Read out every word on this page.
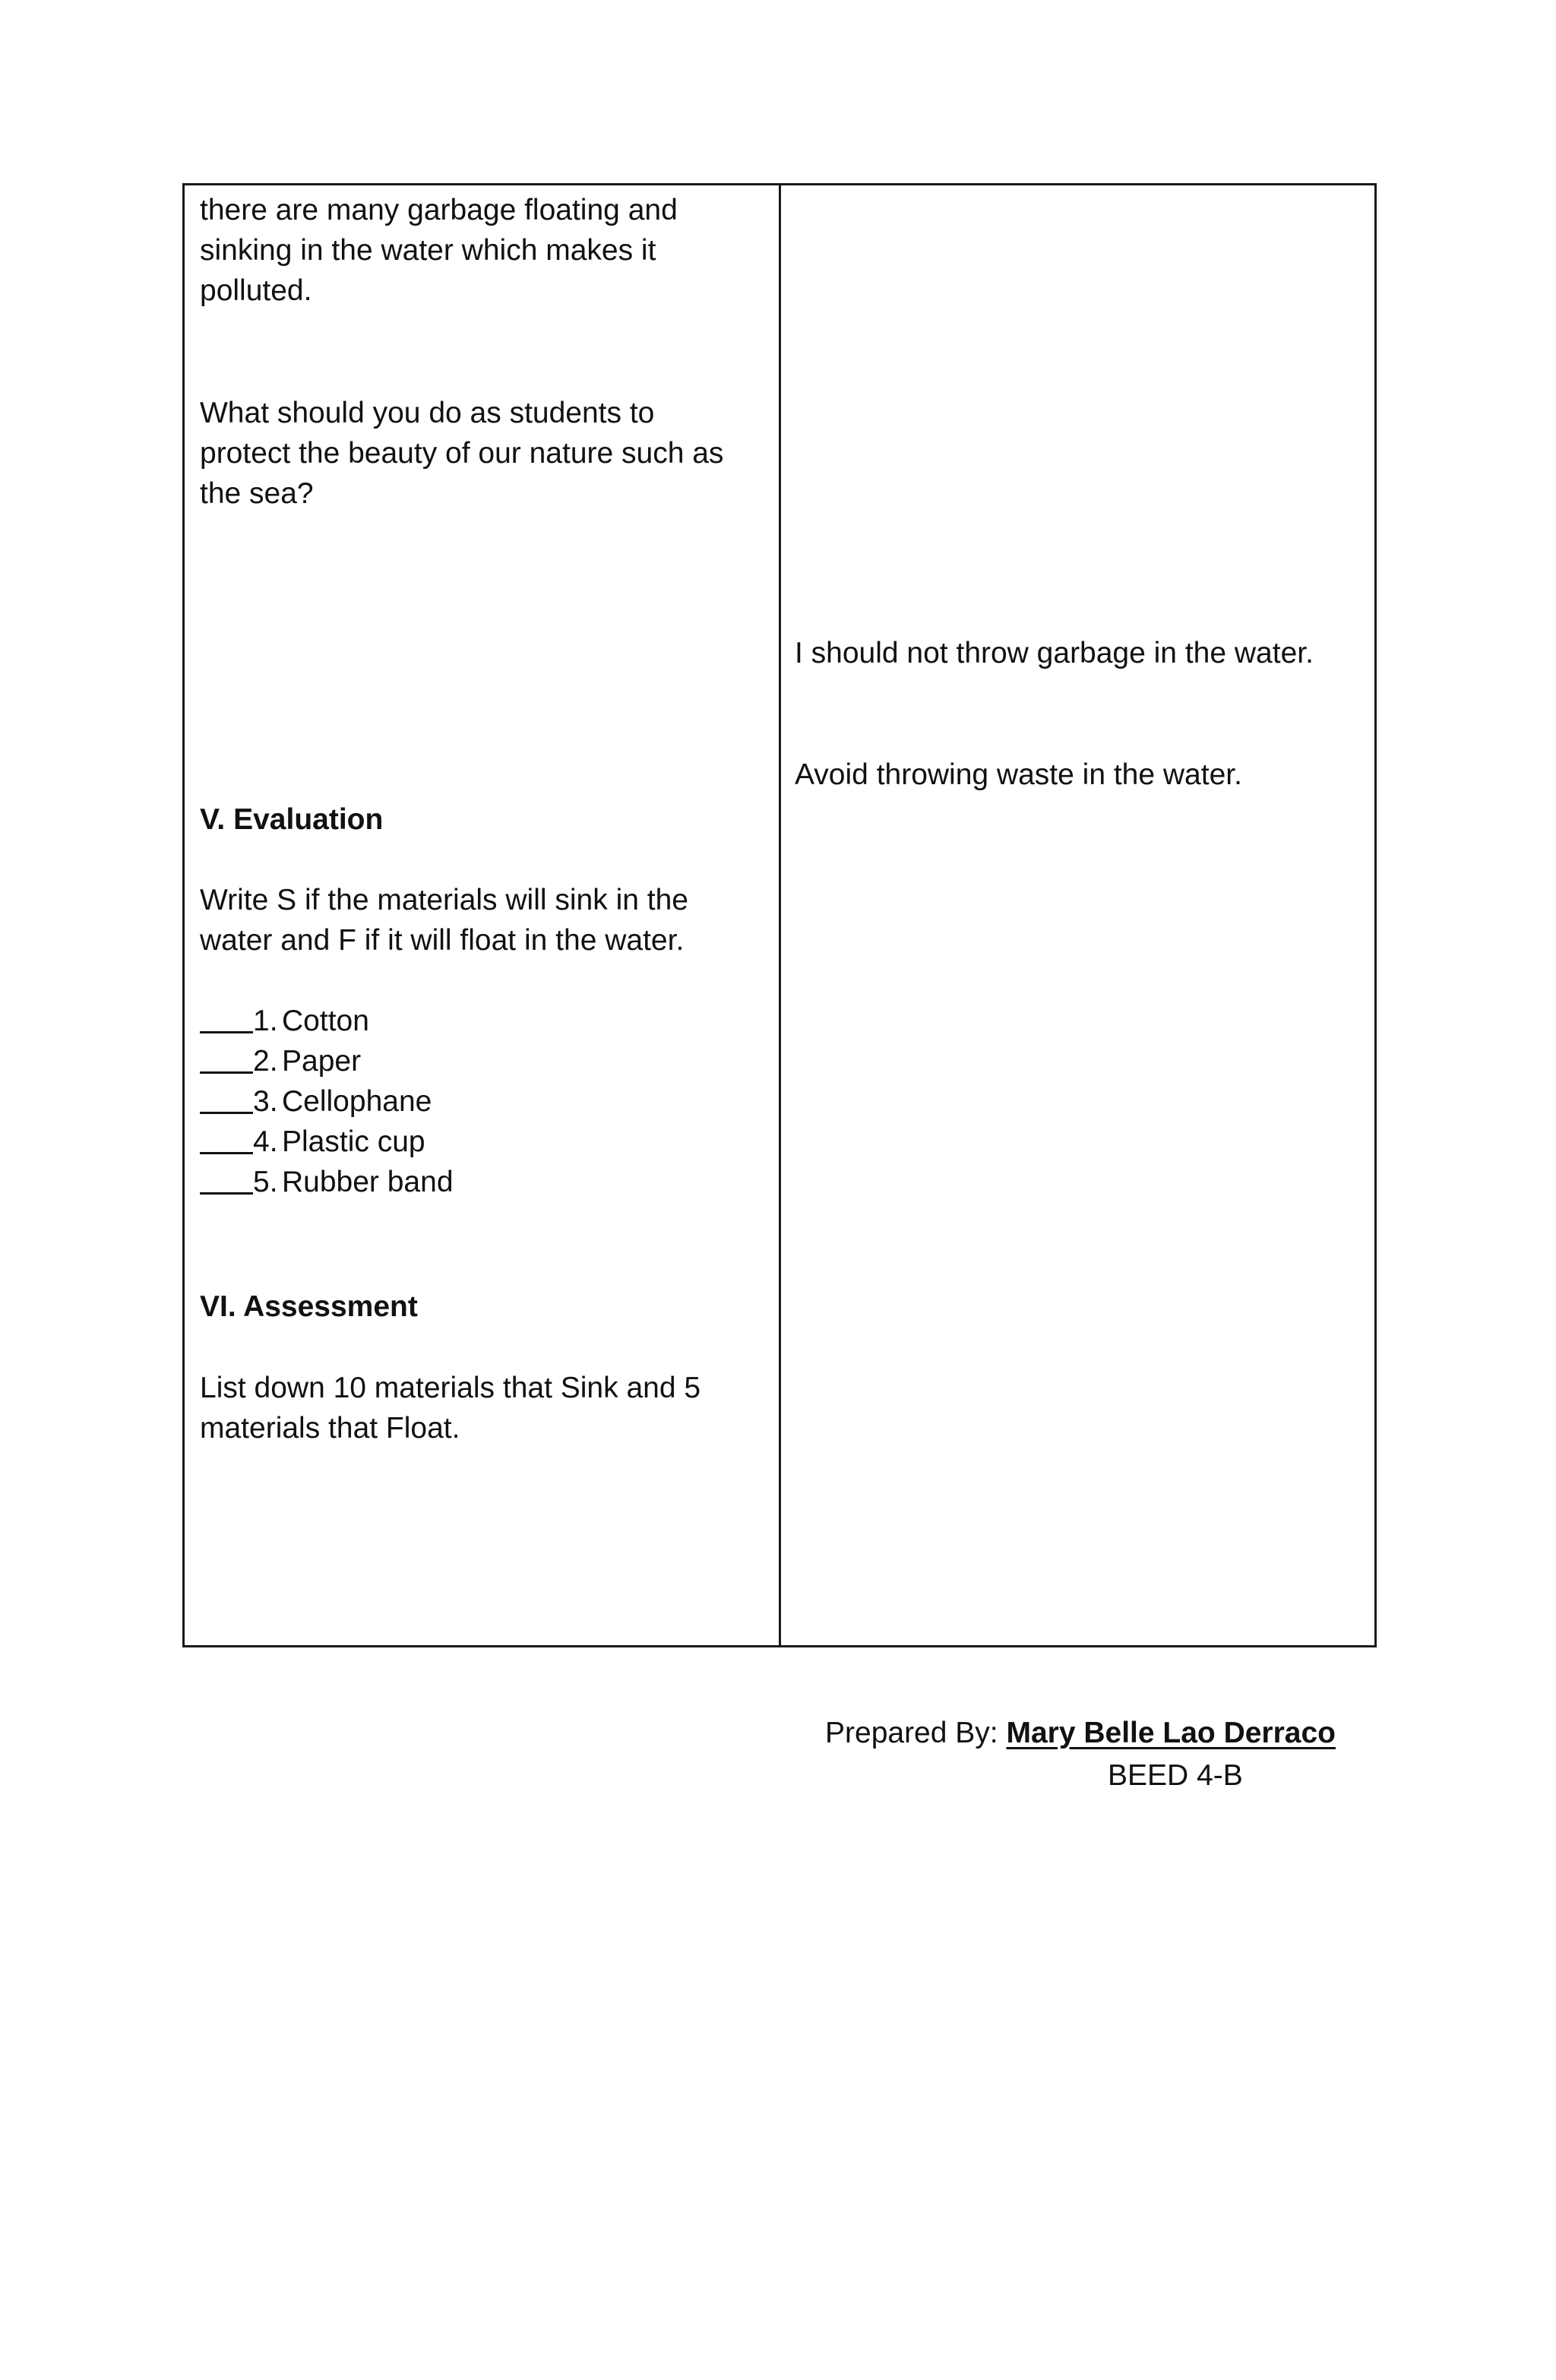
there are many garbage floating and

sinking in the water which makes it

polluted.

What should you do as students to

protect the beauty of our nature such as

the sea?

V. Evaluation

Write S if the materials will sink in the

water and F if it will float in the water.

1. Cotton
2. Paper
3. Cellophane
4. Plastic cup
5. Rubber band

VI. Assessment

List down 10 materials that Sink and 5

materials that Float.

I should not throw garbage in the water.

Avoid throwing waste in the water.

Prepared By: Mary Belle Lao Derraco
BEED 4-B
